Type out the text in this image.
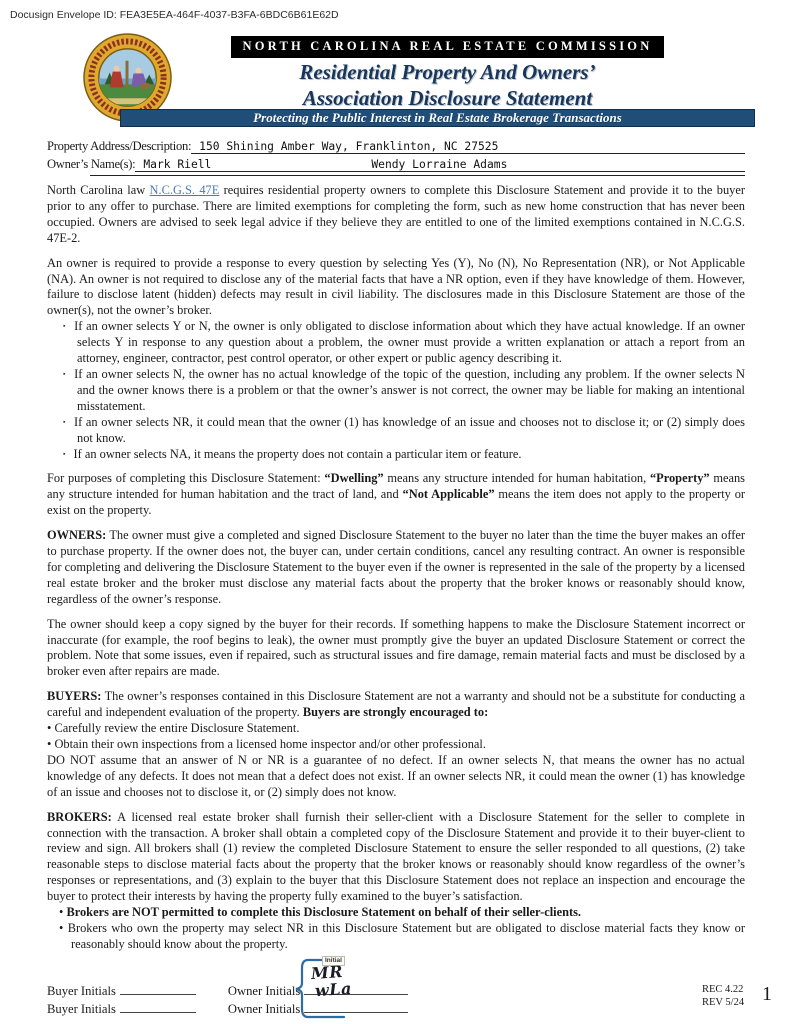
Docusign Envelope ID: FEA3E5EA-464F-4037-B3FA-6BDC6B61E62D
NORTH CAROLINA REAL ESTATE COMMISSION
Residential Property And Owners’
Association Disclosure Statement
Protecting the Public Interest in Real Estate Brokerage Transactions
Property Address/Description: 150 Shining Amber Way, Franklinton, NC 27525
Owner’s Name(s): Mark Riell	Wendy Lorraine Adams

North Carolina law N.C.G.S. 47E requires residential property owners to complete this Disclosure Statement and provide it to the buyer prior to any offer to purchase. There are limited exemptions for completing the form, such as new home construction that has never been occupied. Owners are advised to seek legal advice if they believe they are entitled to one of the limited exemptions contained in N.C.G.S. 47E-2.

An owner is required to provide a response to every question by selecting Yes (Y), No (N), No Representation (NR), or Not Applicable (NA). An owner is not required to disclose any of the material facts that have a NR option, even if they have knowledge of them. However, failure to disclose latent (hidden) defects may result in civil liability. The disclosures made in this Disclosure Statement are those of the owner(s), not the owner’s broker.

▪ If an owner selects Y or N, the owner is only obligated to disclose information about which they have actual knowledge. If an owner selects Y in response to any question about a problem, the owner must provide a written explanation or attach a report from an attorney, engineer, contractor, pest control operator, or other expert or public agency describing it.
▪ If an owner selects N, the owner has no actual knowledge of the topic of the question, including any problem. If the owner selects N and the owner knows there is a problem or that the owner’s answer is not correct, the owner may be liable for making an intentional misstatement.
▪ If an owner selects NR, it could mean that the owner (1) has knowledge of an issue and chooses not to disclose it; or (2) simply does not know.
▪ If an owner selects NA, it means the property does not contain a particular item or feature.

For purposes of completing this Disclosure Statement: “Dwelling” means any structure intended for human habitation, “Property” means any structure intended for human habitation and the tract of land, and “Not Applicable” means the item does not apply to the property or exist on the property.

OWNERS: The owner must give a completed and signed Disclosure Statement to the buyer no later than the time the buyer makes an offer to purchase property. If the owner does not, the buyer can, under certain conditions, cancel any resulting contract. An owner is responsible for completing and delivering the Disclosure Statement to the buyer even if the owner is represented in the sale of the property by a licensed real estate broker and the broker must disclose any material facts about the property that the broker knows or reasonably should know, regardless of the owner’s response.

The owner should keep a copy signed by the buyer for their records. If something happens to make the Disclosure Statement incorrect or inaccurate (for example, the roof begins to leak), the owner must promptly give the buyer an updated Disclosure Statement or correct the problem. Note that some issues, even if repaired, such as structural issues and fire damage, remain material facts and must be disclosed by a broker even after repairs are made.

BUYERS: The owner’s responses contained in this Disclosure Statement are not a warranty and should not be a substitute for conducting a careful and independent evaluation of the property. Buyers are strongly encouraged to:

• Carefully review the entire Disclosure Statement.
• Obtain their own inspections from a licensed home inspector and/or other professional.

DO NOT assume that an answer of N or NR is a guarantee of no defect. If an owner selects N, that means the owner has no actual knowledge of any defects. It does not mean that a defect does not exist. If an owner selects NR, it could mean the owner (1) has knowledge of an issue and chooses not to disclose it, or (2) simply does not know.

BROKERS: A licensed real estate broker shall furnish their seller-client with a Disclosure Statement for the seller to complete in connection with the transaction. A broker shall obtain a completed copy of the Disclosure Statement and provide it to their buyer-client to review and sign. All brokers shall (1) review the completed Disclosure Statement to ensure the seller responded to all questions, (2) take reasonable steps to disclose material facts about the property that the broker knows or reasonably should know regardless of the owner’s responses or representations, and (3) explain to the buyer that this Disclosure Statement does not replace an inspection and encourage the buyer to protect their interests by having the property fully examined to the buyer’s satisfaction.

• Brokers are NOT permitted to complete this Disclosure Statement on behalf of their seller-clients.
• Brokers who own the property may select NR in this Disclosure Statement but are obligated to disclose material facts they know or reasonably should know about the property.
Buyer Initials	Owner Initials
Buyer Initials	Owner Initials
Initial
MR
wLa	REC 4.22
REV 5/24 1
